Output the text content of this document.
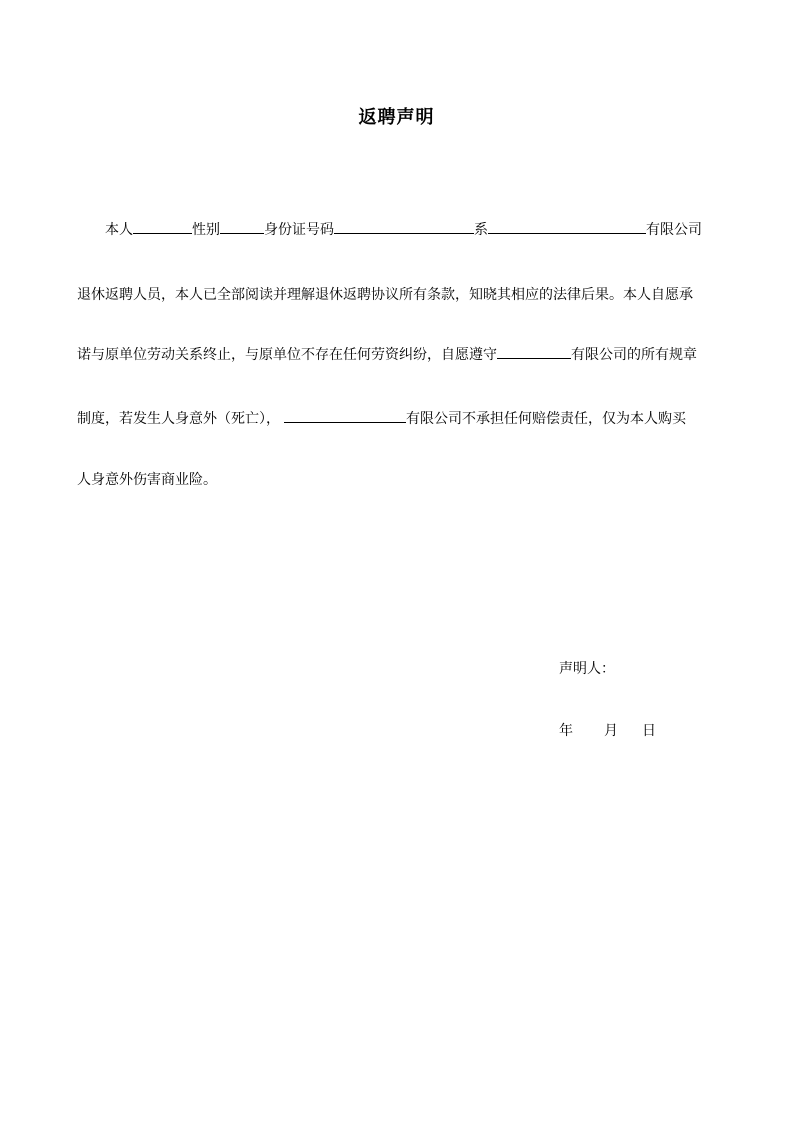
返聘声明
本人	性别	身份证号码	系	有限公司
退休返聘人员，本人已全部阅读并理解退休返聘协议所有条款，知晓其相应的法律后果。本人自愿承
诺与原单位劳动关系终止，与原单位不存在任何劳资纠纷，自愿遵守	有限公司的所有规章
制度，若发生人身意外（死亡），	有限公司不承担任何赔偿责任，仅为本人购买
人身意外伤害商业险。
声明人：
年 月 日
